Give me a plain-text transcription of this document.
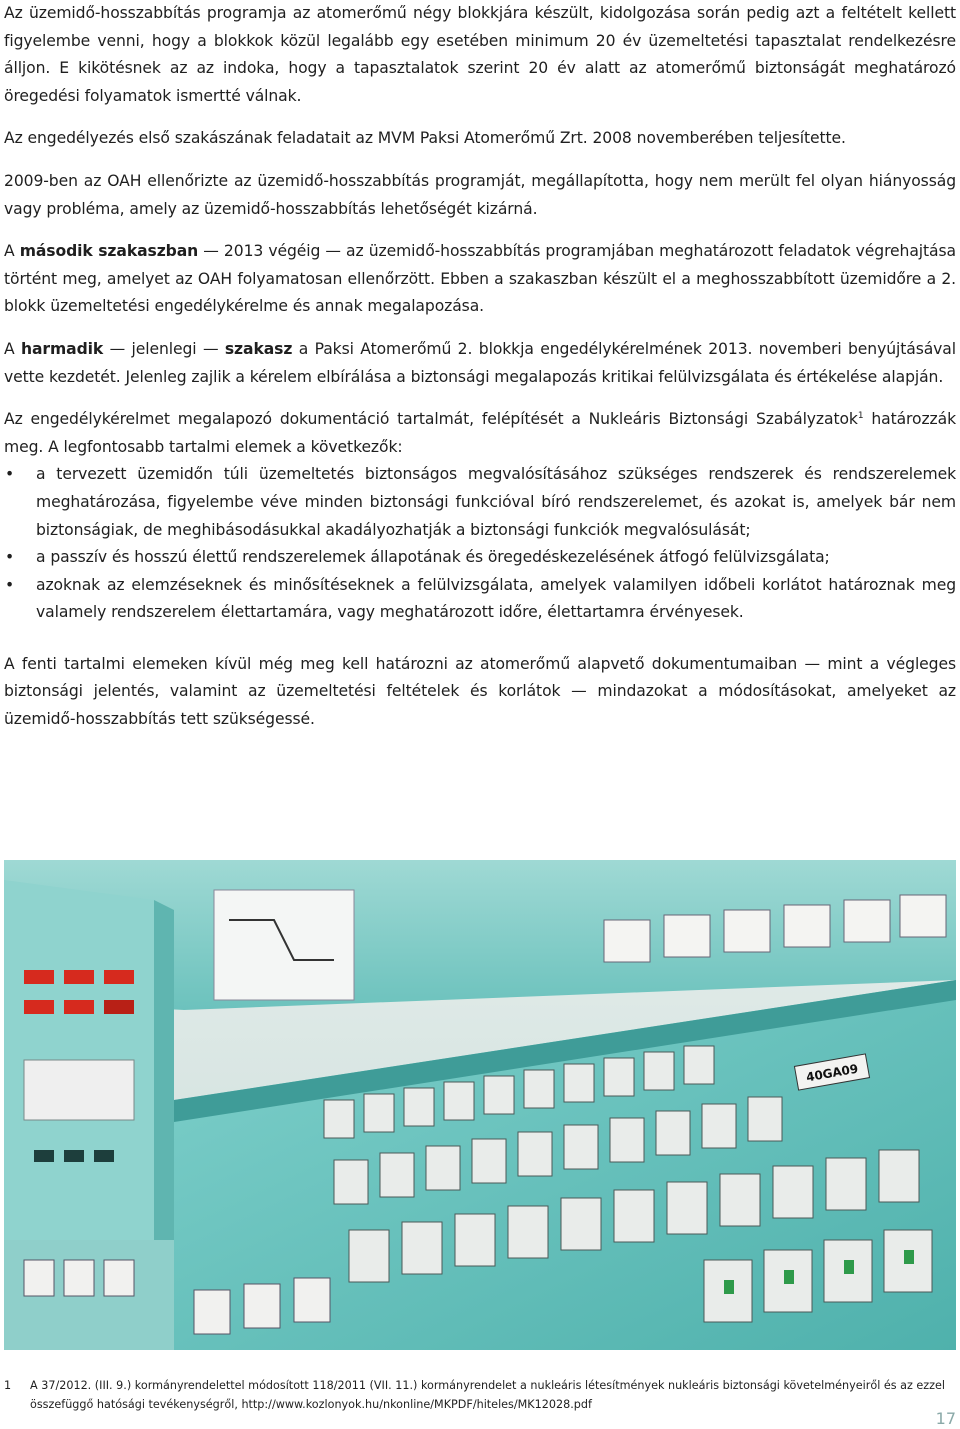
Az üzemidő-hosszabbítás programja az atomerőmű négy blokkjára készült, kidolgozása során pedig azt a feltételt kellett figyelembe venni, hogy a blokkok közül legalább egy esetében minimum 20 év üzemeltetési tapasztalat rendelkezésre álljon. E kikötésnek az az indoka, hogy a tapasztalatok szerint 20 év alatt az atomerőmű biztonságát meghatározó öregedési folyamatok ismertté válnak.

Az engedélyezés első szakászának feladatait az MVM Paksi Atomerőmű Zrt. 2008 novemberében teljesítette.

2009-ben az OAH ellenőrizte az üzemidő-hosszabbítás programját, megállapította, hogy nem merült fel olyan hiányosság vagy probléma, amely az üzemidő-hosszabbítás lehetőségét kizárná.

A második szakaszban — 2013 végéig — az üzemidő-hosszabbítás programjában meghatározott feladatok végrehajtása történt meg, amelyet az OAH folyamatosan ellenőrzött. Ebben a szakaszban készült el a meghosszabbított üzemidőre a 2. blokk üzemeltetési engedélykérelme és annak megalapozása.

A harmadik — jelenlegi — szakasz a Paksi Atomerőmű 2. blokkja engedélykérelmének 2013. novemberi benyújtásával vette kezdetét. Jelenleg zajlik a kérelem elbírálása a biztonsági megalapozás kritikai felülvizsgálata és értékelése alapján.

Az engedélykérelmet megalapozó dokumentáció tartalmát, felépítését a Nukleáris Biztonsági Szabályzatok$^1$ határozzák meg. A legfontosabb tartalmi elemek a következők:

• a tervezett üzemidőn túli üzemeltetés biztonságos megvalósításához szükséges rendszerek és rendszerelemek meghatározása, figyelembe véve minden biztonsági funkcióval bíró rendszerelemet, és azokat is, amelyek bár nem biztonságiak, de meghibásodásukkal akadályozhatják a biztonsági funkciók megvalósulását;
• a passzív és hosszú élettű rendszerelemek állapotának és öregedéskezelésének átfogó felülvizsgálata;
• azoknak az elemzéseknek és minősítéseknek a felülvizsgálata, amelyek valamilyen időbeli korlátot határoznak meg valamely rendszerelem élettartamára, vagy meghatározott időre, élettartamra érvényesek.

A fenti tartalmi elemeken kívül még meg kell határozni az atomerőmű alapvető dokumentumaiban — mint a végleges biztonsági jelentés, valamint az üzemeltetési feltételek és korlátok — mindazokat a módosításokat, amelyeket az üzemidő-hosszabbítás tett szükségessé.

40GA09
1 A 37/2012. (III. 9.) kormányrendelettel módosított 118/2011 (VII. 11.) kormányrendelet a nukleáris létesítmények nukleáris biztonsági követelményeiről és az ezzel összefüggő hatósági tevékenységről, http://www.kozlonyok.hu/nkonline/MKPDF/hiteles/MK12028.pdf
17
